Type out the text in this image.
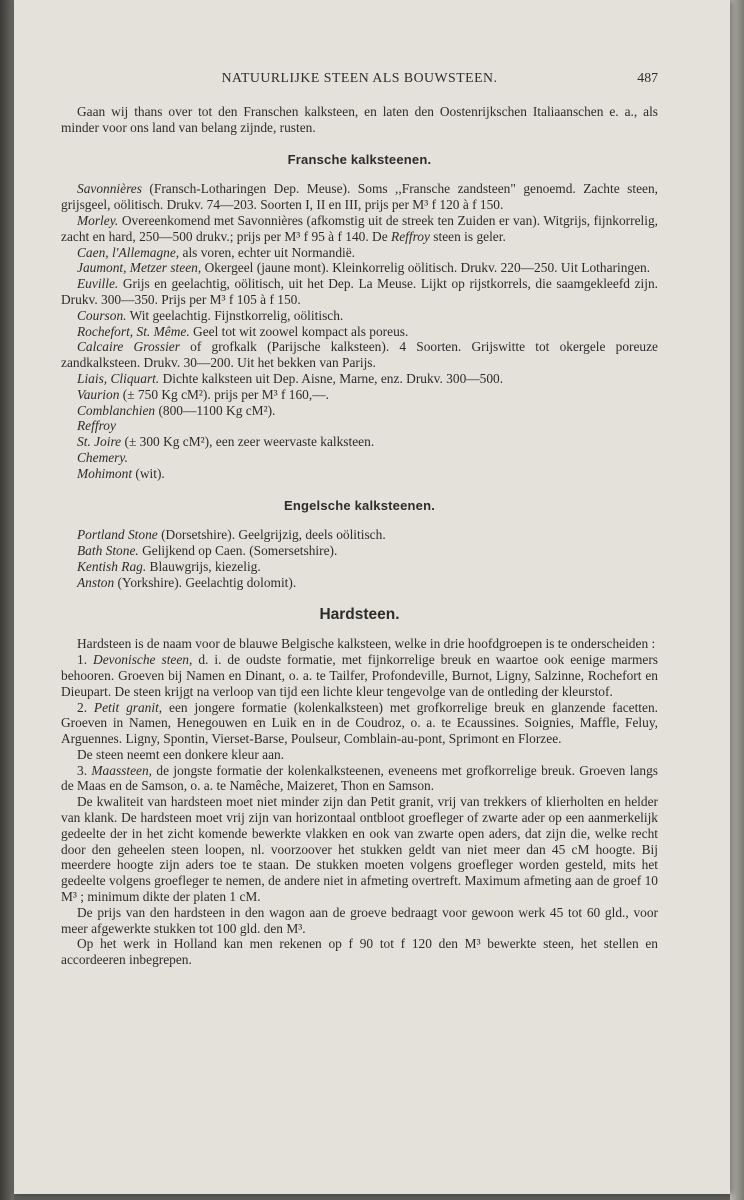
NATUURLIJKE STEEN ALS BOUWSTEEN.	487

Gaan wij thans over tot den Franschen kalksteen, en laten den Oostenrijkschen Italiaanschen e. a., als minder voor ons land van belang zijnde, rusten.

Fransche kalksteenen.

Savonnières (Fransch-Lotharingen Dep. Meuse). Soms ,,Fransche zandsteen" genoemd. Zachte steen, grijsgeel, oölitisch. Drukv. 74—203. Soorten I, II en III, prijs per M³ f 120 à f 150.

Morley. Overeenkomend met Savonnières (afkomstig uit de streek ten Zuiden er van). Witgrijs, fijnkorrelig, zacht en hard, 250—500 drukv.; prijs per M³ f 95 à f 140. De Reffroy steen is geler.

Caen, l'Allemagne, als voren, echter uit Normandië.

Jaumont, Metzer steen, Okergeel (jaune mont). Kleinkorrelig oölitisch. Drukv. 220—250. Uit Lotharingen.

Euville. Grijs en geelachtig, oölitisch, uit het Dep. La Meuse. Lijkt op rijstkorrels, die saamgekleefd zijn. Drukv. 300—350. Prijs per M³ f 105 à f 150.

Courson. Wit geelachtig. Fijnstkorrelig, oölitisch.

Rochefort, St. Même. Geel tot wit zoowel kompact als poreus.

Calcaire Grossier of grofkalk (Parijsche kalksteen). 4 Soorten. Grijswitte tot okergele poreuze zandkalksteen. Drukv. 30—200. Uit het bekken van Parijs.

Liais, Cliquart. Dichte kalksteen uit Dep. Aisne, Marne, enz. Drukv. 300—500.

Vaurion (± 750 Kg cM²). prijs per M³ f 160,—.

Comblanchien (800—1100 Kg cM²).

Reffroy

St. Joire (± 300 Kg cM²), een zeer weervaste kalksteen.

Chemery.

Mohimont (wit).

Engelsche kalksteenen.

Portland Stone (Dorsetshire). Geelgrijzig, deels oölitisch.

Bath Stone. Gelijkend op Caen. (Somersetshire).

Kentish Rag. Blauwgrijs, kiezelig.

Anston (Yorkshire). Geelachtig dolomit).

Hardsteen.

Hardsteen is de naam voor de blauwe Belgische kalksteen, welke in drie hoofdgroepen is te onderscheiden :

1. Devonische steen, d. i. de oudste formatie, met fijnkorrelige breuk en waartoe ook eenige marmers behooren. Groeven bij Namen en Dinant, o. a. te Tailfer, Profondeville, Burnot, Ligny, Salzinne, Rochefort en Dieupart. De steen krijgt na verloop van tijd een lichte kleur tengevolge van de ontleding der kleurstof.

2. Petit granit, een jongere formatie (kolenkalksteen) met grofkorrelige breuk en glanzende facetten. Groeven in Namen, Henegouwen en Luik en in de Coudroz, o. a. te Ecaussines. Soignies, Maffle, Feluy, Arguennes. Ligny, Spontin, Vierset-Barse, Poulseur, Comblain-au-pont, Sprimont en Florzee.

De steen neemt een donkere kleur aan.

3. Maassteen, de jongste formatie der kolenkalksteenen, eveneens met grofkorrelige breuk. Groeven langs de Maas en de Samson, o. a. te Namêche, Maizeret, Thon en Samson.

De kwaliteit van hardsteen moet niet minder zijn dan Petit granit, vrij van trekkers of klierholten en helder van klank. De hardsteen moet vrij zijn van horizontaal ontbloot groefleger of zwarte ader op een aanmerkelijk gedeelte der in het zicht komende bewerkte vlakken en ook van zwarte open aders, dat zijn die, welke recht door den geheelen steen loopen, nl. voorzoover het stukken geldt van niet meer dan 45 cM hoogte. Bij meerdere hoogte zijn aders toe te staan. De stukken moeten volgens groefleger worden gesteld, mits het gedeelte volgens groefleger te nemen, de andere niet in afmeting overtreft. Maximum afmeting aan de groef 10 M³ ; minimum dikte der platen 1 cM.

De prijs van den hardsteen in den wagon aan de groeve bedraagt voor gewoon werk 45 tot 60 gld., voor meer afgewerkte stukken tot 100 gld. den M³.

Op het werk in Holland kan men rekenen op f 90 tot f 120 den M³ bewerkte steen, het stellen en accordeeren inbegrepen.
